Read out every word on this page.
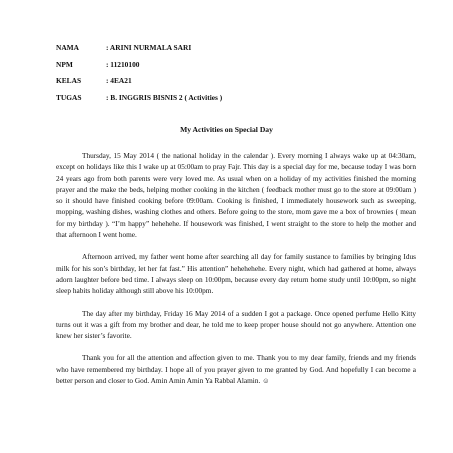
NAMA	: ARINI NURMALA SARI
NPM	: 11210100
KELAS	: 4EA21
TUGAS	: B. INGGRIS BISNIS 2 ( Activities )
My Activities on Special Day

Thursday, 15 May 2014 ( the national holiday in the calendar ). Every morning I always wake up at 04:30am, except on holidays like this I wake up at 05:00am to pray Fajr. This day is a special day for me, because today I was born 24 years ago from both parents were very loved me. As usual when on a holiday of my activities finished the morning prayer and the make the beds, helping mother cooking in the kitchen ( feedback mother must go to the store at 09:00am ) so it should have finished cooking before 09:00am. Cooking is finished, I immediately housework such as sweeping, mopping, washing dishes, washing clothes and others. Before going to the store, mom gave me a box of brownies ( mean for my birthday ). “I’m happy” hehehehe. If housework was finished, I went straight to the store to help the mother and that afternoon I went home.

Afternoon arrived, my father went home after searching all day for family sustance to families by bringing Idus milk for his son’s birthday, let her fat fast.” His attention” hehehehehe. Every night, which had gathered at home, always adorn laughter before bed time. I always sleep on 10:00pm, because every day return home study until 10:00pm, so night sleep habits holiday although still above his 10:00pm.

The day after my birthday, Friday 16 May 2014 of a sudden I got a package. Once opened perfume Hello Kitty turns out it was a gift from my brother and dear, he told me to keep proper house should not go anywhere. Attention one knew her sister’s favorite.

Thank you for all the attention and affection given to me. Thank you to my dear family, friends and my friends who have remembered my birthday. I hope all of you prayer given to me granted by God. And hopefully I can become a better person and closer to God. Amin Amin Amin Ya Rabbal Alamin. ☺
